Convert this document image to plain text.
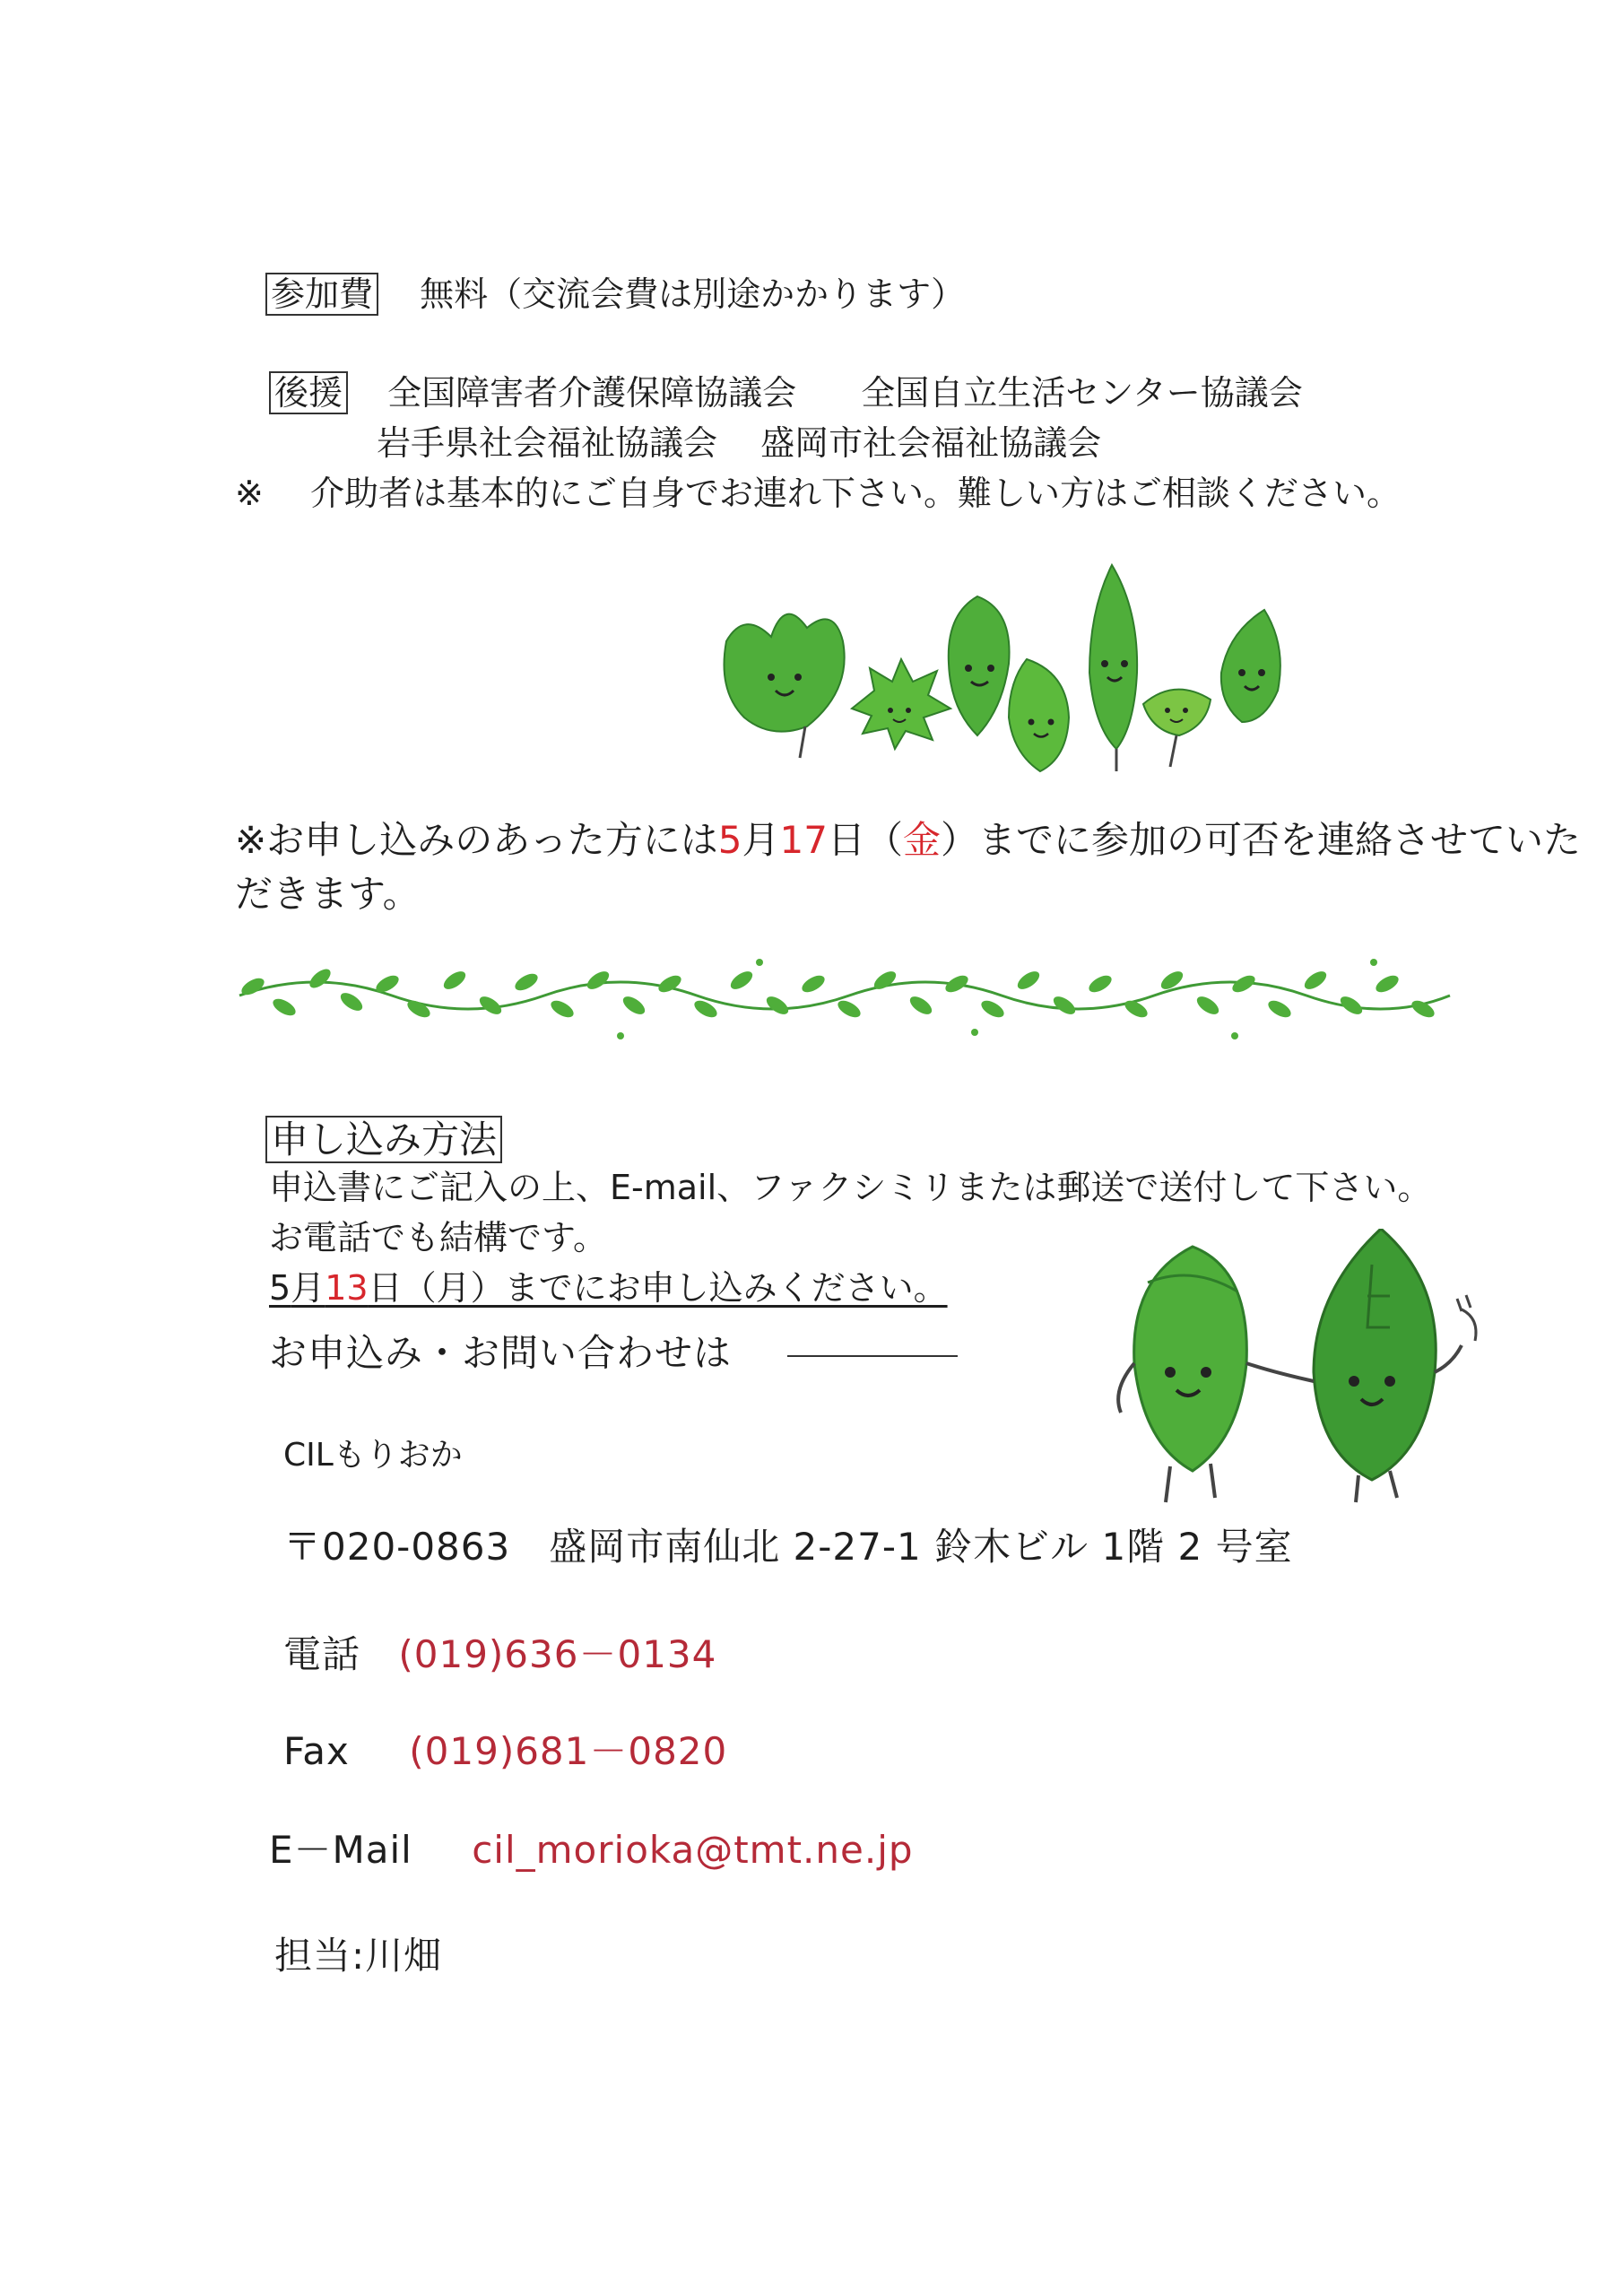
参加費 無料（交流会費は別途かかります）
後援 全国障害者介護保障協議会 全国自立生活センター協議会
岩手県社会福祉協議会 盛岡市社会福祉協議会
※ 介助者は基本的にご自身でお連れ下さい。難しい方はご相談ください。
※お申し込みのあった方には5月17日（金）までに参加の可否を連絡させていた
だきます。
申し込み方法
申込書にご記入の上、E-mail、ファクシミリまたは郵送で送付して下さい。
お電話でも結構です。
5月13日（月）までにお申し込みください。
お申込み・お問い合わせは
CILもりおか
〒020-0863　盛岡市南仙北 2-27-1 鈴木ビル 1階 2 号室
電話 (019)636－0134
Fax (019)681－0820
E－Mail cil_morioka@tmt.ne.jp
担当:川畑
